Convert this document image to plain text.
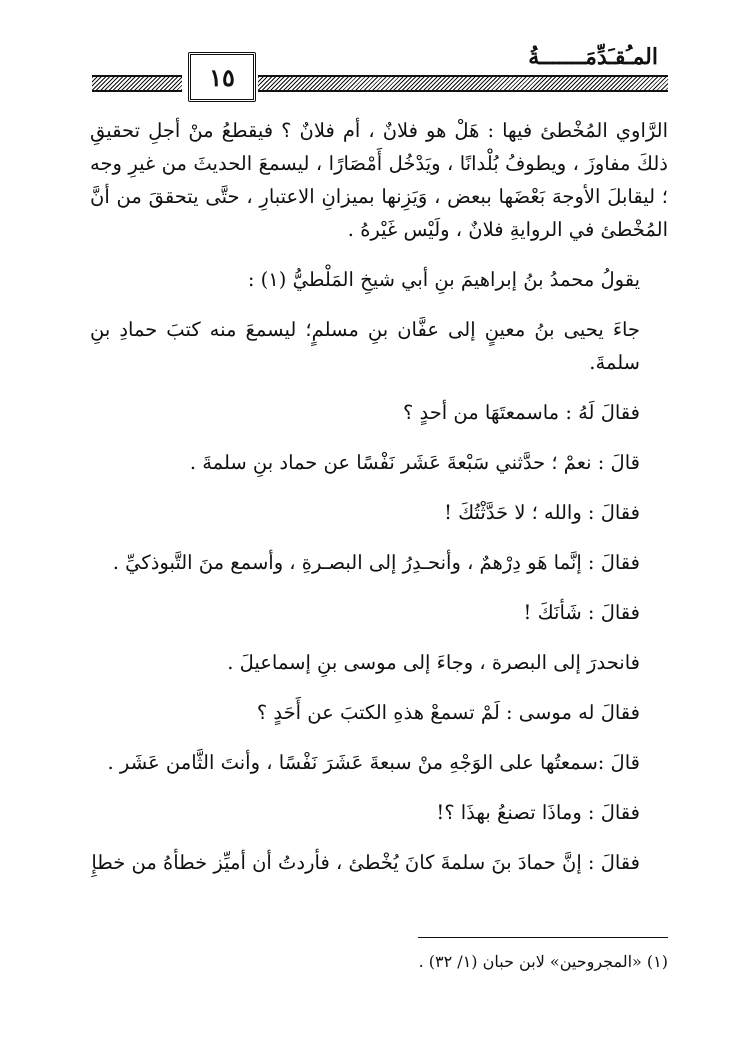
١٥
المـُقـَدِّمَـــــــةُ

الرَّاوي المُخْطئ فيها : هَلْ هو فلانٌ ، أم فلانٌ ؟ فيقطعُ منْ أجلِ تحقيقِ ذلكَ مفاوزَ ، ويطوفُ بُلْدانًا ، ويَدْخُل أَمْصَارًا ، ليسمعَ الحديثَ من غيرِ وجه ؛ ليقابلَ الأوجهَ بَعْضَها ببعض ، وَيَزِنها بميزانِ الاعتبارِ ، حتَّى يتحققَ من أنَّ المُخْطئ في الروايةِ فلانٌ ، ولَيْس غَيْرهُ .

يقولُ محمدُ بنُ إبراهيمَ بنِ أبي شيخِ المَلْطيُّ (١) :

جاءَ يحيى بنُ معينٍ إلى عفَّان بنِ مسلمٍ؛ ليسمعَ منه كتبَ حمادِ بنِ سلمةَ.

فقالَ لَهُ : ماسمعتَهَا من أحدٍ ؟

قالَ : نعمْ ؛ حدَّثني سَبْعةَ عَشَر نَفْسًا عن حماد بنِ سلمةَ .

فقالَ : والله ؛ لا حَدَّثْتُكَ !

فقالَ : إنَّما هَو دِرْهمٌ ، وأنحـدِرُ إلى البصـرةِ ، وأسمع منَ التَّبوذكيِّ .

فقالَ : شَأنَكَ !

فانحدرَ إلى البصرة ، وجاءَ إلى موسى بنِ إسماعيلَ .

فقالَ له موسى : لَمْ تسمعْ هذهِ الكتبَ عن أَحَدٍ ؟

قالَ :سمعتُها على الوَجْهِ منْ سبعةَ عَشَرَ نَفْسًا ، وأنتَ الثَّامن عَشَر .

فقالَ : وماذَا تصنعُ بهذَا ؟!

فقالَ : إنَّ حمادَ بنَ سلمةَ كانَ يُخْطئ ، فأردتُ أن أميِّز خطأهُ من خطإِ

(١) «المجروحين» لابن حبان (١/ ٣٢) .
